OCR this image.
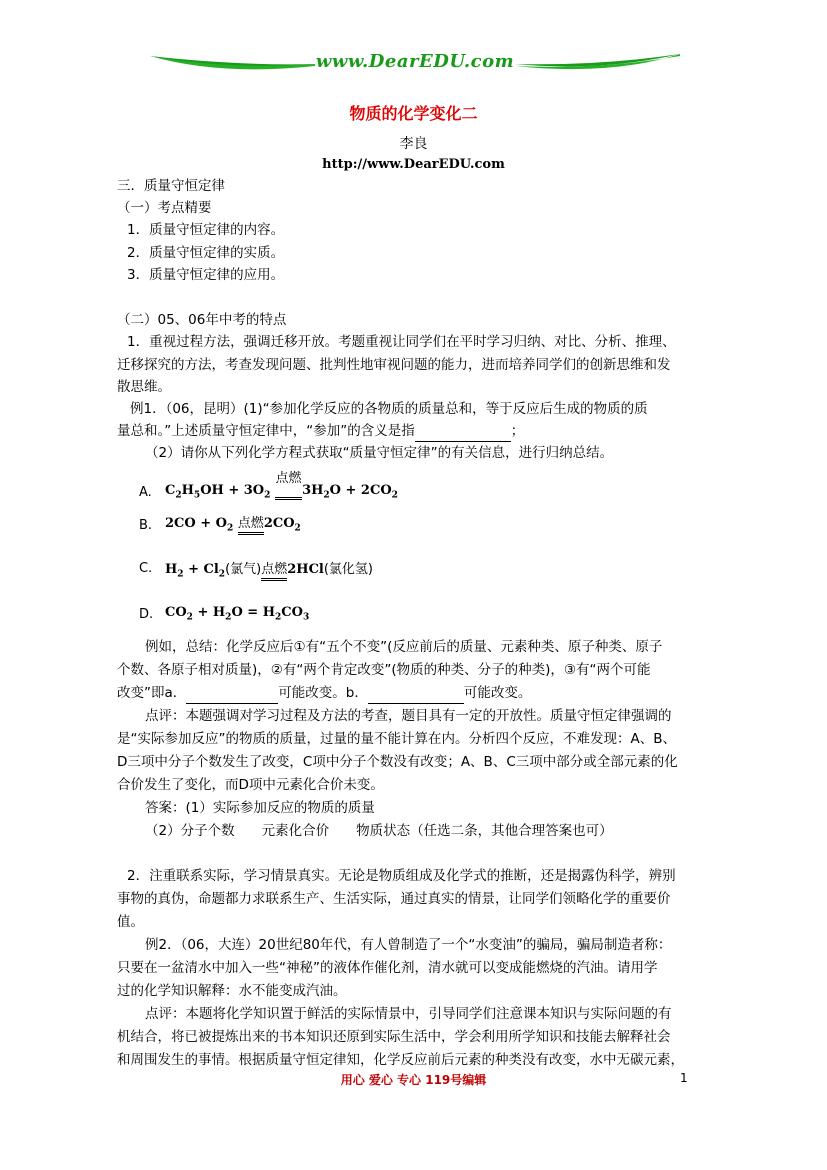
www.DearEDU.com
物质的化学变化二
李良
http://www.DearEDU.com
三．质量守恒定律
（一）考点精要
1．质量守恒定律的内容。
2．质量守恒定律的实质。
3．质量守恒定律的应用。
（二）05、06年中考的特点
1．重视过程方法，强调迁移开放。考题重视让同学们在平时学习归纳、对比、分析、推理、
迁移探究的方法，考查发现问题、批判性地审视问题的能力，进而培养同学们的创新思维和发
散思维。
例1．（06，昆明）(1)“参加化学反应的各物质的质量总和，等于反应后生成的物质的质
量总和。”上述质量守恒定律中，“参加”的含义是指	；
（2）请你从下列化学方程式获取“质量守恒定律”的有关信息，进行归纳总结。
A. $C_2H_5OH + 3O_2$
点燃
$3H_2O + 2CO_2$
B. $2CO + O_2$ 点燃$2CO_2$
C. $H_2 + Cl_2$(氯气)点燃2HCl(氯化氢)
D. $CO_2 + H_2O = H_2CO_3$
例如，总结：化学反应后①有“五个不变”(反应前后的质量、元素种类、原子种类、原子
个数、各原子相对质量)，②有“两个肯定改变”(物质的种类、分子的种类)，③有“两个可能
改变”即a．	可能改变。b．	可能改变。
点评：本题强调对学习过程及方法的考查，题目具有一定的开放性。质量守恒定律强调的
是“实际参加反应”的物质的质量，过量的量不能计算在内。分析四个反应，不难发现：A、B、
D三项中分子个数发生了改变，C项中分子个数没有改变；A、B、C三项中部分或全部元素的化
合价发生了变化，而D项中元素化合价未变。
答案：(1）实际参加反应的物质的质量
（2）分子个数　　元素化合价　　物质状态（任选二条，其他合理答案也可）
2．注重联系实际，学习情景真实。无论是物质组成及化学式的推断，还是揭露伪科学，辨别
事物的真伪，命题都力求联系生产、生活实际，通过真实的情景，让同学们领略化学的重要价
值。
例2．（06，大连）20世纪80年代，有人曾制造了一个“水变油”的骗局，骗局制造者称：
只要在一盆清水中加入一些“神秘”的液体作催化剂，清水就可以变成能燃烧的汽油。请用学
过的化学知识解释：水不能变成汽油。
点评：本题将化学知识置于鲜活的实际情景中，引导同学们注意课本知识与实际问题的有
机结合，将已被提炼出来的书本知识还原到实际生活中，学会利用所学知识和技能去解释社会
和周围发生的事情。根据质量守恒定律知，化学反应前后元素的种类没有改变，水中无碳元素，
用心 爱心 专心 119号编辑	1
